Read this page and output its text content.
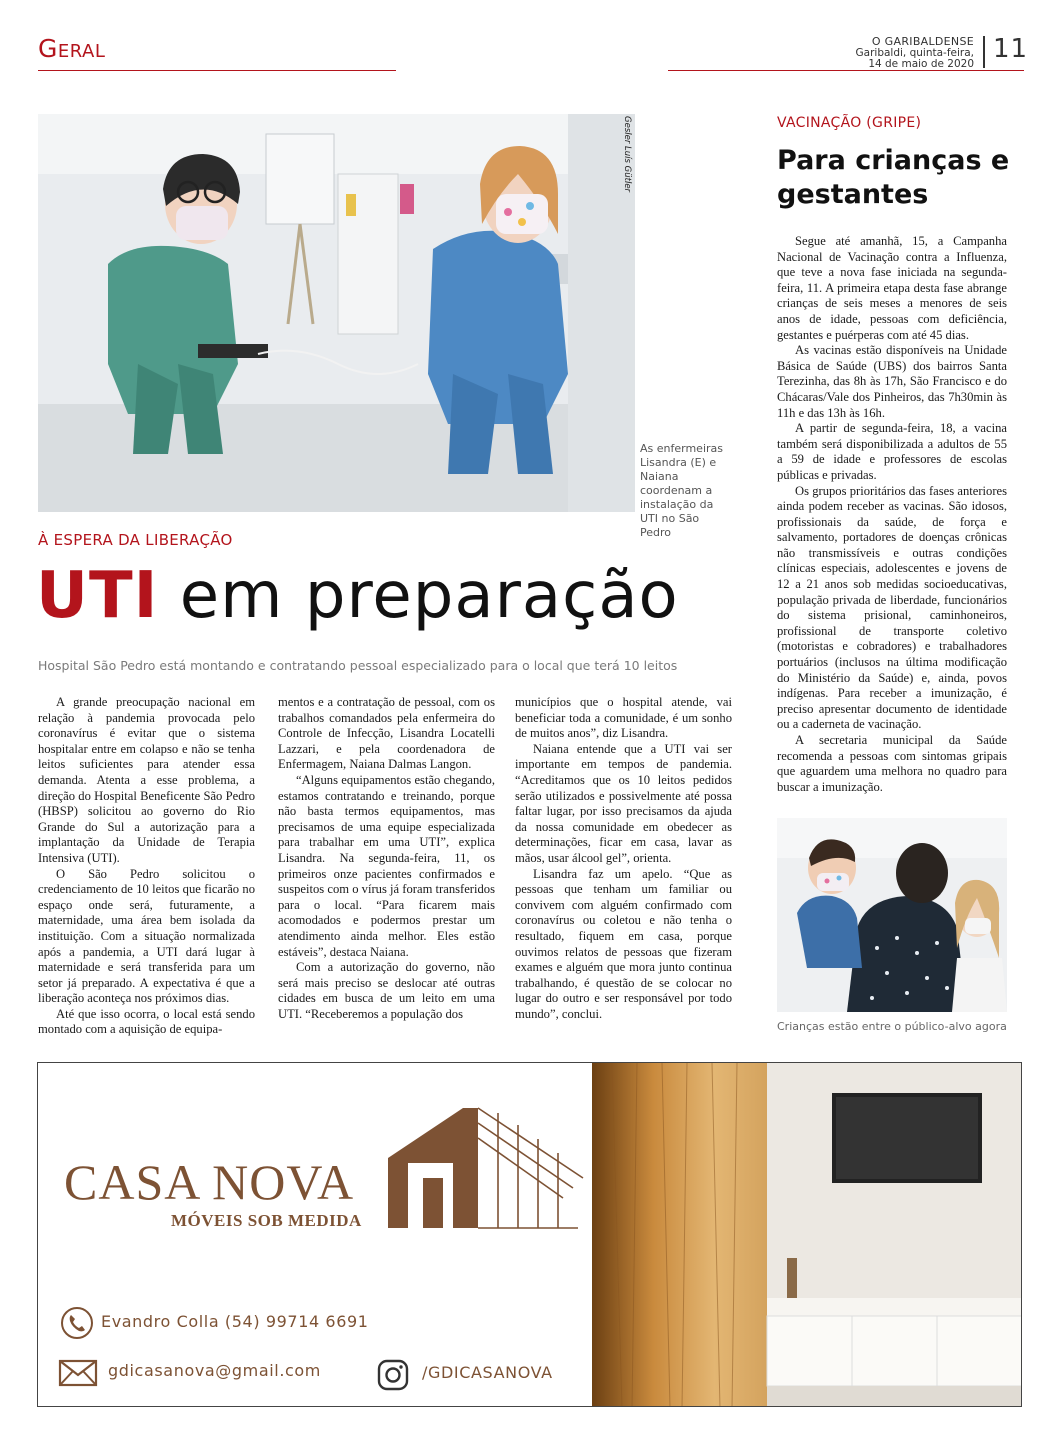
Geral	O GARIBALDENSE
Garibaldi, quinta-feira,
14 de maio de 2020 11
Gesler Luís Gütler
As enfermeiras Lisandra (E) e Naiana coordenam a instalação da UTI no São Pedro
À ESPERA DA LIBERAÇÃO
UTI em preparação
Hospital São Pedro está montando e contratando pessoal especializado para o local que terá 10 leitos

A grande preocupação nacional em relação à pandemia provocada pelo coronavírus é evitar que o sistema hospitalar entre em colapso e não se tenha leitos suficientes para atender essa demanda. Atenta a esse problema, a direção do Hospital Beneficente São Pedro (HBSP) solicitou ao governo do Rio Grande do Sul a autorização para a implantação da Unidade de Terapia Intensiva (UTI).

O São Pedro solicitou o credenciamento de 10 leitos que ficarão no espaço onde será, futuramente, a maternidade, uma área bem isolada da instituição. Com a situação normalizada após a pandemia, a UTI dará lugar à maternidade e será transferida para um setor já preparado. A expectativa é que a liberação aconteça nos próximos dias.

Até que isso ocorra, o local está sendo montado com a aquisição de equipa-

mentos e a contratação de pessoal, com os trabalhos comandados pela enfermeira do Controle de Infecção, Lisandra Locatelli Lazzari, e pela coordenadora de Enfermagem, Naiana Dalmas Langon.

“Alguns equipamentos estão chegando, estamos contratando e treinando, porque não basta termos equipamentos, mas precisamos de uma equipe especializada para trabalhar em uma UTI”, explica Lisandra. Na segunda-feira, 11, os primeiros onze pacientes confirmados e suspeitos com o vírus já foram transferidos para o local. “Para ficarem mais acomodados e podermos prestar um atendimento ainda melhor. Eles estão estáveis”, destaca Naiana.

Com a autorização do governo, não será mais preciso se deslocar até outras cidades em busca de um leito em uma UTI. “Receberemos a população dos

municípios que o hospital atende, vai beneficiar toda a comunidade, é um sonho de muitos anos”, diz Lisandra.

Naiana entende que a UTI vai ser importante em tempos de pandemia. “Acreditamos que os 10 leitos pedidos serão utilizados e possivelmente até possa faltar lugar, por isso precisamos da ajuda da nossa comunidade em obedecer as determinações, ficar em casa, lavar as mãos, usar álcool gel”, orienta.

Lisandra faz um apelo. “Que as pessoas que tenham um familiar ou convivem com alguém confirmado com coronavírus ou coletou e não tenha o resultado, fiquem em casa, porque ouvimos relatos de pessoas que fizeram exames e alguém que mora junto continua trabalhando, é questão de se colocar no lugar do outro e ser responsável por todo mundo”, conclui.

VACINAÇÃO (GRIPE)
Para crianças e gestantes

Segue até amanhã, 15, a Campanha Nacional de Vacinação contra a Influenza, que teve a nova fase iniciada na segunda-feira, 11. A primeira etapa desta fase abrange crianças de seis meses a menores de seis anos de idade, pessoas com deficiência, gestantes e puérperas com até 45 dias.

As vacinas estão disponíveis na Unidade Básica de Saúde (UBS) dos bairros Santa Terezinha, das 8h às 17h, São Francisco e do Chácaras/Vale dos Pinheiros, das 7h30min às 11h e das 13h às 16h.

A partir de segunda-feira, 18, a vacina também será disponibilizada a adultos de 55 a 59 de idade e professores de escolas públicas e privadas.

Os grupos prioritários das fases anteriores ainda podem receber as vacinas. São idosos, profissionais da saúde, de força e salvamento, portadores de doenças crônicas não transmissíveis e outras condições clínicas especiais, adolescentes e jovens de 12 a 21 anos sob medidas socioeducativas, população privada de liberdade, funcionários do sistema prisional, caminhoneiros, profissional de transporte coletivo (motoristas e cobradores) e trabalhadores portuários (inclusos na última modificação do Ministério da Saúde) e, ainda, povos indígenas. Para receber a imunização, é preciso apresentar documento de identidade ou a caderneta de vacinação.

A secretaria municipal da Saúde recomenda a pessoas com sintomas gripais que aguardem uma melhora no quadro para buscar a imunização.

Crianças estão entre o público-alvo agora
CASA NOVA
MÓVEIS SOB MEDIDA
Evandro Colla (54) 99714 6691
gdicasanova@gmail.com	/GDICASANOVA
